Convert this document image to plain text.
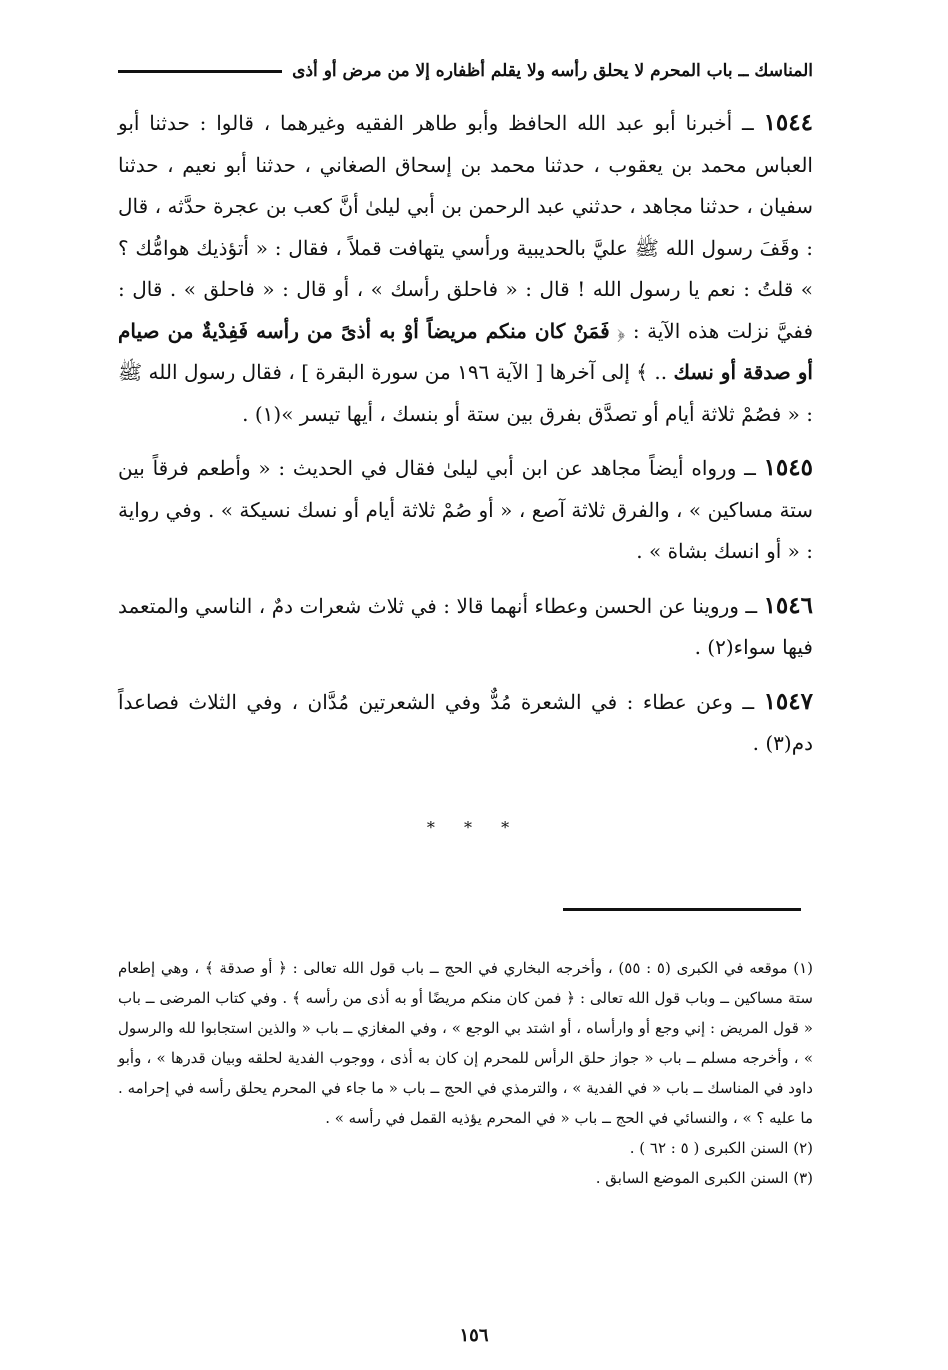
المناسك ــ باب المحرم لا يحلق رأسه ولا يقلم أظفاره إلا من مرض أو أذى

١٥٤٤ ــ أخبرنا أبو عبد الله الحافظ وأبو طاهر الفقيه وغيرهما ، قالوا : حدثنا أبو العباس محمد بن يعقوب ، حدثنا محمد بن إسحاق الصغاني ، حدثنا أبو نعيم ، حدثنا سفيان ، حدثنا مجاهد ، حدثني عبد الرحمن بن أبي ليلىٰ أنَّ كعب بن عجرة حدَّثه ، قال : وقَفَ رسول الله ﷺ عليَّ بالحديبية ورأسي يتهافت قملاً ، فقال : « أتؤذيك هوامُّك ؟ » قلتُ : نعم يا رسول الله ! قال : « فاحلق رأسك » ، أو قال : « فاحلق » . قال : ففيَّ نزلت هذه الآية : ﴿ فَمَنْ كان منكم مريضاً أوْ به أذىً من رأسه فَفِدْيةٌ من صيام أو صدقة أو نسك .. ﴾ إلى آخرها [ الآية ١٩٦ من سورة البقرة ] ، فقال رسول الله ﷺ : « فصُمْ ثلاثة أيام أو تصدَّق بفرق بين ستة أو بنسك ، أيها تيسر »(١) .

١٥٤٥ ــ ورواه أيضاً مجاهد عن ابن أبي ليلىٰ فقال في الحديث : « وأطعم فرقاً بين ستة مساكين » ، والفرق ثلاثة آصع ، « أو صُمْ ثلاثة أيام أو نسك نسيكة » . وفي رواية : « أو انسك بشاة » .

١٥٤٦ ــ وروينا عن الحسن وعطاء أنهما قالا : في ثلاث شعرات دمٌ ، الناسي والمتعمد فيها سواء(٢) .

١٥٤٧ ــ وعن عطاء : في الشعرة مُدٌّ وفي الشعرتين مُدَّان ، وفي الثلاث فصاعداً دم(٣) .

* * *

(١) موقعه في الكبرى (٥ : ٥٥) ، وأخرجه البخاري في الحج ــ باب قول الله تعالى : ﴿ أو صدقة ﴾ ، وهي إطعام ستة مساكين ــ وباب قول الله تعالى : ﴿ فمن كان منكم مريضًا أو به أذى من رأسه ﴾ . وفي كتاب المرضى ــ باب « قول المريض : إني وجع أو وارأساه ، أو اشتد بي الوجع » ، وفي المغازي ــ باب « والذين استجابوا لله والرسول » ، وأخرجه مسلم ــ باب « جواز حلق الرأس للمحرم إن كان به أذى ، ووجوب الفدية لحلقه وبيان قدرها » ، وأبو داود في المناسك ــ باب « في الفدية » ، والترمذي في الحج ــ باب « ما جاء في المحرم يحلق رأسه في إحرامه . ما عليه ؟ » ، والنسائي في الحج ــ باب « في المحرم يؤذيه القمل في رأسه » .

(٢) السنن الكبرى ( ٥ : ٦٢ ) .

(٣) السنن الكبرى الموضع السابق .

١٥٦
